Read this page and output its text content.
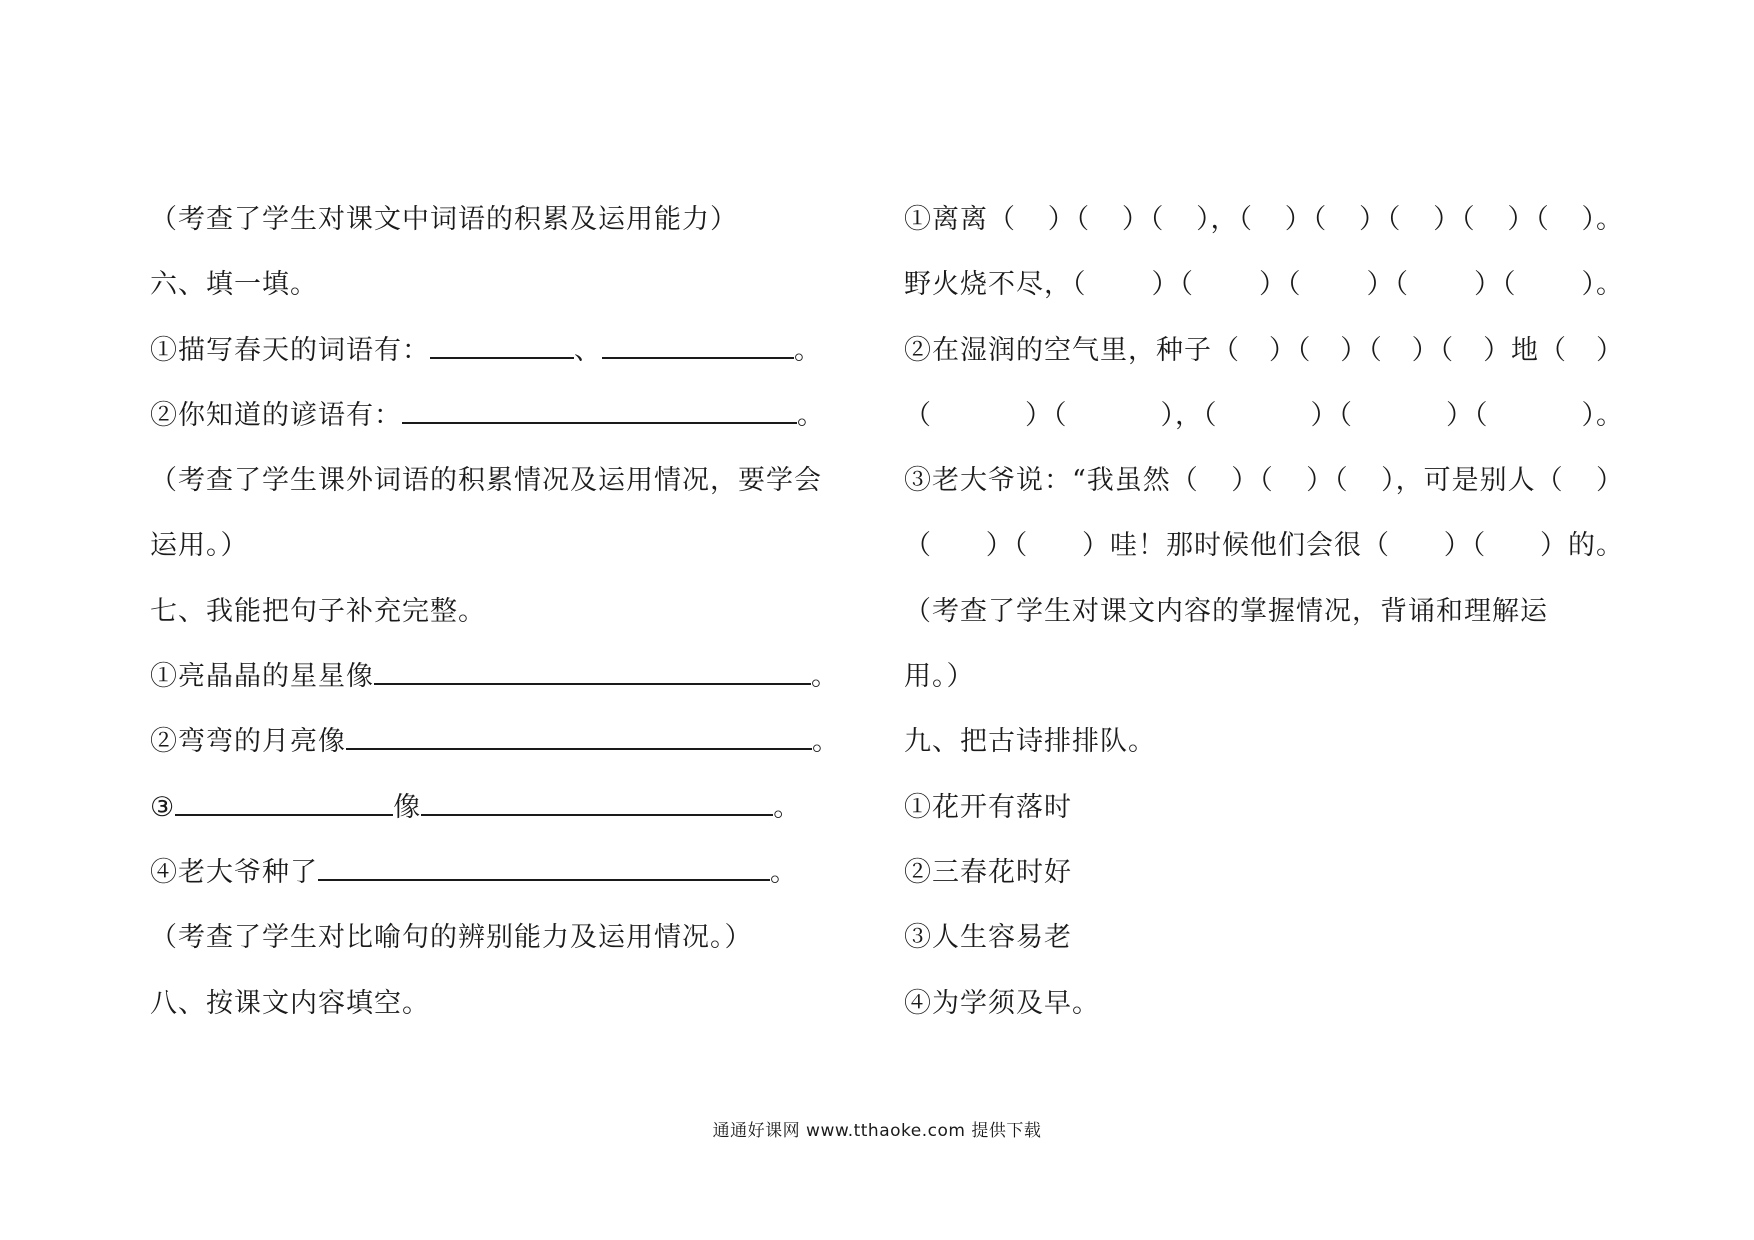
（考查了学生对课文中词语的积累及运用能力）
六、填一填。
①描写春天的词语有：	、	。
②你知道的谚语有：	。
（考查了学生课外词语的积累情况及运用情况，要学会
运用。）
七、我能把句子补充完整。
①亮晶晶的星星像	。
②弯弯的月亮像	。
③	像	。
④老大爷种了	。
（考查了学生对比喻句的辨别能力及运用情况。）
八、按课文内容填空。
①离离（ ）（ ）（ ），（ ）（ ）（ ）（ ）（ ）。
野火烧不尽，（ ）（ ）（ ）（ ）（ ）。
②在湿润的空气里，种子（ ）（ ）（ ）（ ）地（ ）
（	）（	），（	）（	）（	）。
③老大爷说：“我虽然（ ）（ ）（ ），可是别人（ ）
（ ）（ ）哇！那时候他们会很（ ）（ ）的。
（考查了学生对课文内容的掌握情况，背诵和理解运
用。）
九、把古诗排排队。
①花开有落时
②三春花时好
③人生容易老
④为学须及早。
通通好课网 www.tthaoke.com 提供下载
